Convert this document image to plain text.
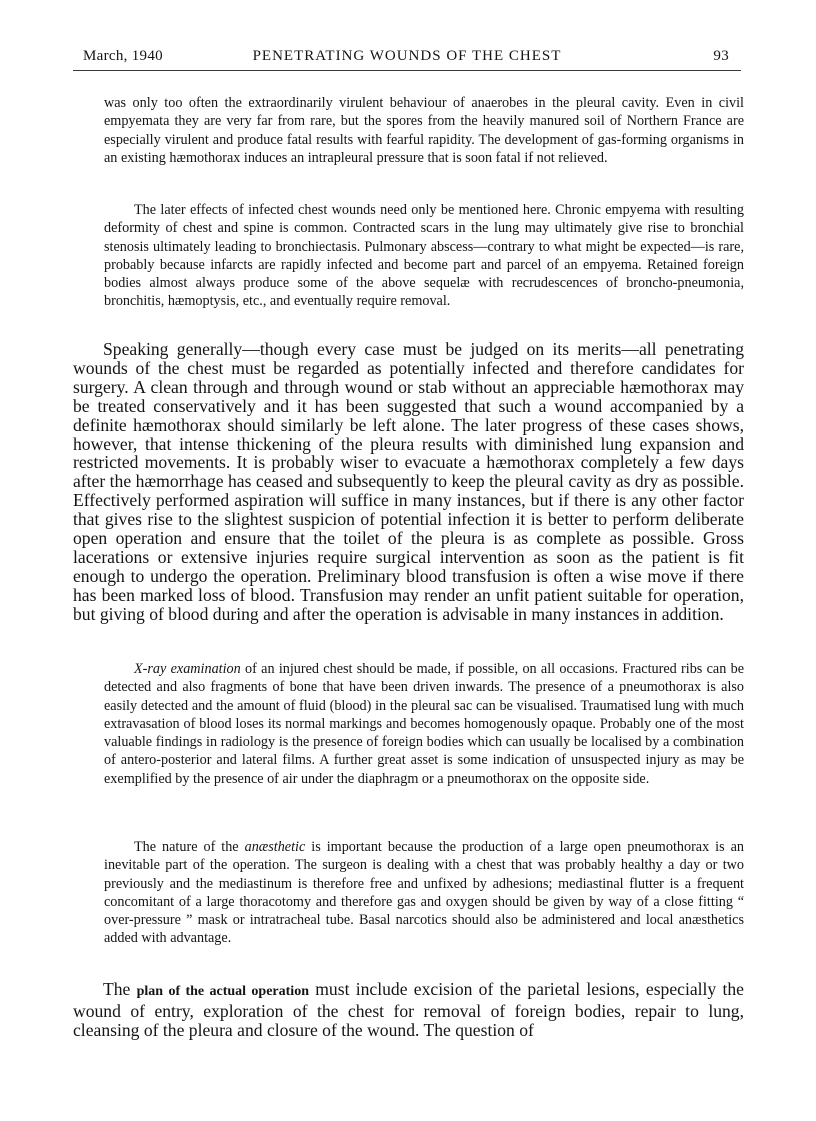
March, 1940	PENETRATING WOUNDS OF THE CHEST	93

was only too often the extraordinarily virulent behaviour of anaerobes in the pleural cavity. Even in civil empyemata they are very far from rare, but the spores from the heavily manured soil of Northern France are especially virulent and produce fatal results with fearful rapidity. The development of gas-forming organisms in an existing hæmothorax induces an intrapleural pressure that is soon fatal if not relieved.

The later effects of infected chest wounds need only be mentioned here. Chronic empyema with resulting deformity of chest and spine is common. Contracted scars in the lung may ultimately give rise to bronchial stenosis ultimately leading to bronchiectasis. Pulmonary abscess—contrary to what might be expected—is rare, probably because infarcts are rapidly infected and become part and parcel of an empyema. Retained foreign bodies almost always produce some of the above sequelæ with recrudescences of broncho-pneumonia, bronchitis, hæmoptysis, etc., and eventually require removal.

Speaking generally—though every case must be judged on its merits—all penetrating wounds of the chest must be regarded as potentially infected and therefore candidates for surgery. A clean through and through wound or stab without an appreciable hæmothorax may be treated conservatively and it has been suggested that such a wound accompanied by a definite hæmothorax should similarly be left alone. The later progress of these cases shows, however, that intense thickening of the pleura results with diminished lung expansion and restricted movements. It is probably wiser to evacuate a hæmothorax completely a few days after the hæmorrhage has ceased and subsequently to keep the pleural cavity as dry as possible. Effectively performed aspiration will suffice in many instances, but if there is any other factor that gives rise to the slightest suspicion of potential infection it is better to perform deliberate open operation and ensure that the toilet of the pleura is as complete as possible. Gross lacerations or extensive injuries require surgical intervention as soon as the patient is fit enough to undergo the operation. Preliminary blood transfusion is often a wise move if there has been marked loss of blood. Transfusion may render an unfit patient suitable for operation, but giving of blood during and after the operation is advisable in many instances in addition.

X-ray examination of an injured chest should be made, if possible, on all occasions. Fractured ribs can be detected and also fragments of bone that have been driven inwards. The presence of a pneumothorax is also easily detected and the amount of fluid (blood) in the pleural sac can be visualised. Traumatised lung with much extravasation of blood loses its normal markings and becomes homogenously opaque. Probably one of the most valuable findings in radiology is the presence of foreign bodies which can usually be localised by a combination of antero-posterior and lateral films. A further great asset is some indication of unsuspected injury as may be exemplified by the presence of air under the diaphragm or a pneumothorax on the opposite side.

The nature of the anæsthetic is important because the production of a large open pneumothorax is an inevitable part of the operation. The surgeon is dealing with a chest that was probably healthy a day or two previously and the mediastinum is therefore free and unfixed by adhesions; mediastinal flutter is a frequent concomitant of a large thoracotomy and therefore gas and oxygen should be given by way of a close fitting “ over-pressure ” mask or intratracheal tube. Basal narcotics should also be administered and local anæsthetics added with advantage.

The plan of the actual operation must include excision of the parietal lesions, especially the wound of entry, exploration of the chest for removal of foreign bodies, repair to lung, cleansing of the pleura and closure of the wound. The question of
